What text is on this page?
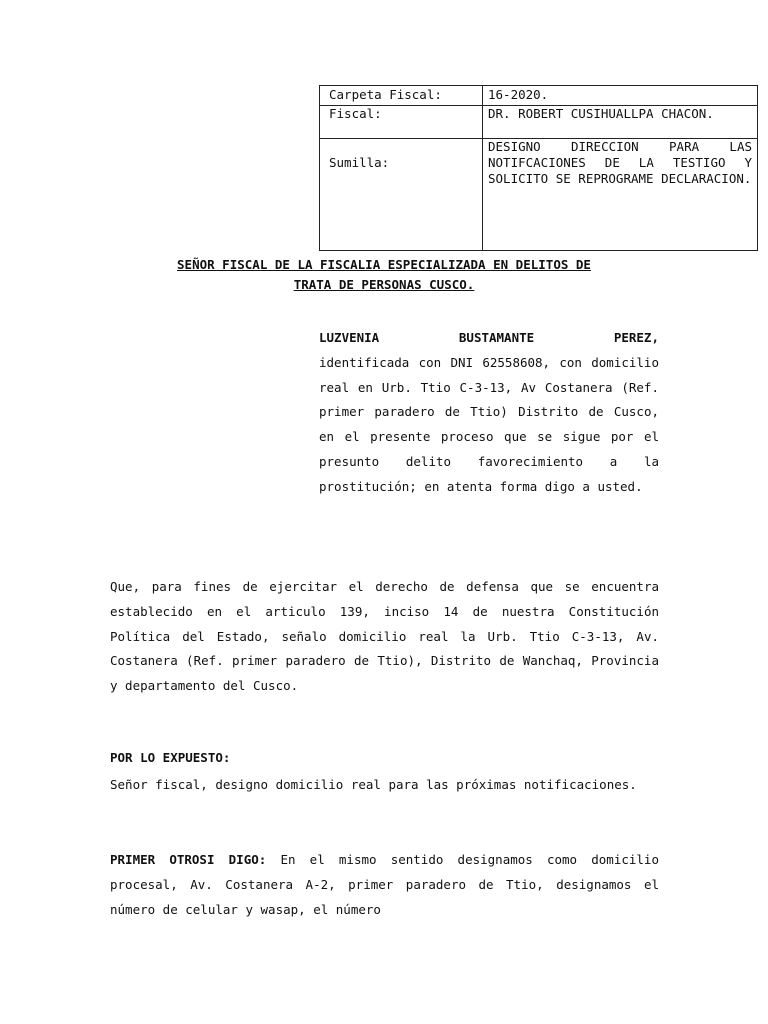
Carpeta Fiscal:	16-2020.
Fiscal:	DR. ROBERT CUSIHUALLPA CHACON.
Sumilla:	DESIGNO DIRECCION PARA LAS NOTIFCACIONES DE LA TESTIGO Y SOLICITO SE REPROGRAME DECLARACION.
SEÑOR FISCAL DE LA FISCALIA ESPECIALIZADA EN DELITOS DE
TRATA DE PERSONAS CUSCO.
LUZVENIA	BUSTAMANTE	PEREZ,
identificada con DNI 62558608, con domicilio real en Urb. Ttio C-3-13, Av Costanera (Ref. primer paradero de Ttio) Distrito de Cusco, en el presente proceso que se sigue por el presunto delito favorecimiento a la prostitución; en atenta forma digo a usted.

Que, para fines de ejercitar el derecho de defensa que se encuentra establecido en el articulo 139, inciso 14 de nuestra Constitución Política del Estado, señalo domicilio real la Urb. Ttio C-3-13, Av. Costanera (Ref. primer paradero de Ttio), Distrito de Wanchaq, Provincia y departamento del Cusco.

POR LO EXPUESTO:

Señor fiscal, designo domicilio real para las próximas notificaciones.

PRIMER OTROSI DIGO: En el mismo sentido designamos como domicilio procesal, Av. Costanera A-2, primer paradero de Ttio, designamos el número de celular y wasap, el número
